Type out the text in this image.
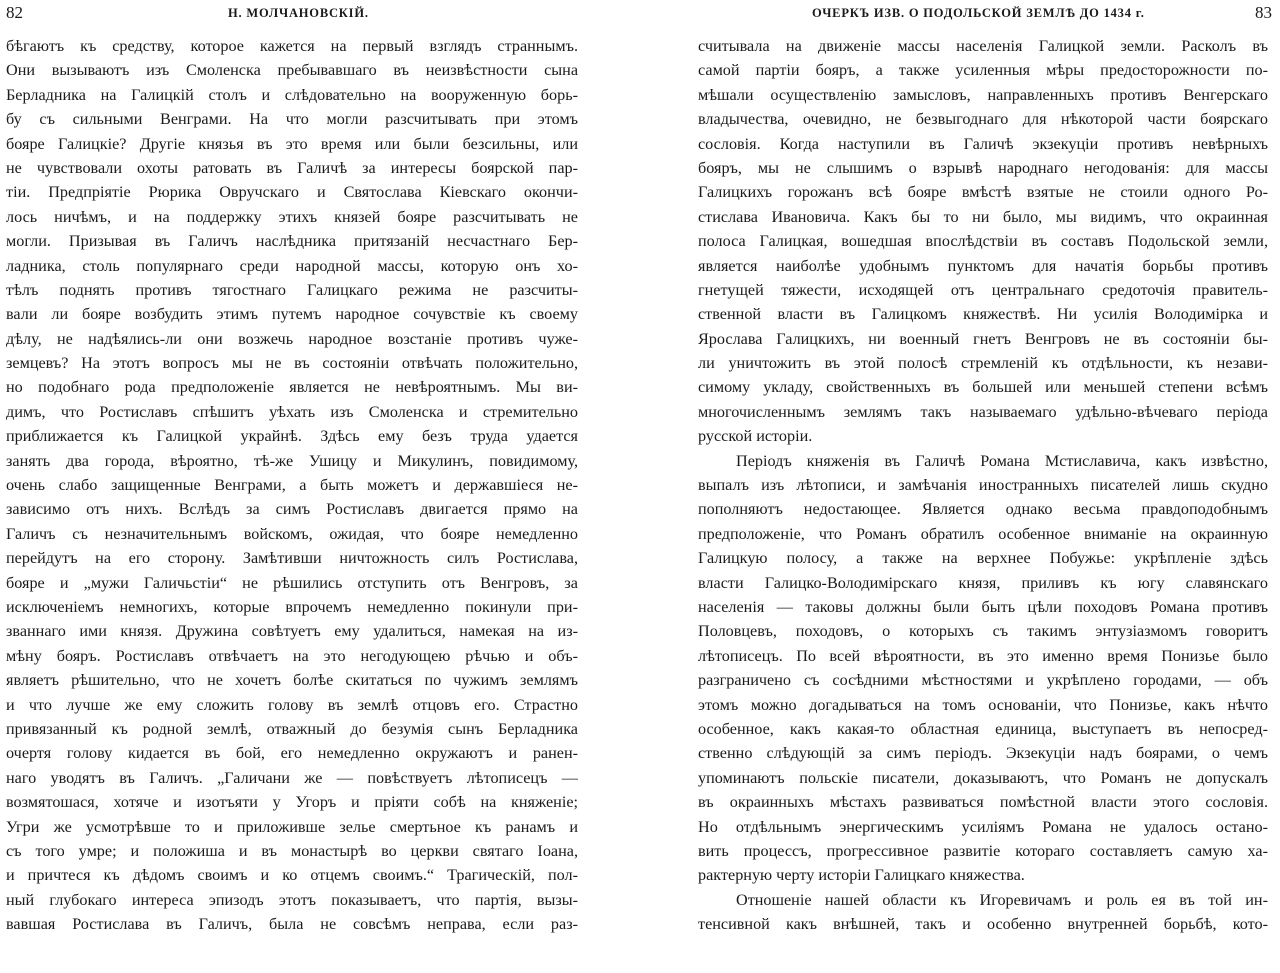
82	Н. МОЛЧАНОВСКІЙ.
бѣгаютъ къ средству, которое кажется на первый взглядъ страннымъ.
Они вызываютъ изъ Смоленска пребывавшаго въ неизвѣстности сына
Берладника на Галицкій столъ и слѣдовательно на вооруженную борь-
бу съ сильными Венграми. На что могли разсчитывать при этомъ
бояре Галицкіе? Другіе князья въ это время или были безсильны, или
не чувствовали охоты ратовать въ Галичѣ за интересы боярской пар-
тіи. Предпріятіе Рюрика Овручскаго и Святослава Кіевскаго окончи-
лось ничѣмъ, и на поддержку этихъ князей бояре разсчитывать не
могли. Призывая въ Галичъ наслѣдника притязаній несчастнаго Бер-
ладника, столь популярнаго среди народной массы, которую онъ хо-
тѣлъ поднять противъ тягостнаго Галицкаго режима не разсчиты-
вали ли бояре возбудить этимъ путемъ народное сочувствіе къ своему
дѣлу, не надѣялись-ли они возжечь народное возстаніе противъ чуже-
земцевъ? На этотъ вопросъ мы не въ состояніи отвѣчать положительно,
но подобнаго рода предположеніе является не невѣроятнымъ. Мы ви-
димъ, что Ростиславъ спѣшитъ уѣхать изъ Смоленска и стремительно
приближается къ Галицкой украйнѣ. Здѣсь ему безъ труда удается
занять два города, вѣроятно, тѣ-же Ушицу и Микулинъ, повидимому,
очень слабо защищенные Венграми, а быть можетъ и державшіеся не-
зависимо отъ нихъ. Вслѣдъ за симъ Ростиславъ двигается прямо на
Галичъ съ незначительнымъ войскомъ, ожидая, что бояре немедленно
перейдутъ на его сторону. Замѣтивши ничтожность силъ Ростислава,
бояре и „мужи Галичьстіи“ не рѣшились отступить отъ Венгровъ, за
исключеніемъ немногихъ, которые впрочемъ немедленно покинули при-
званнаго ими князя. Дружина совѣтуетъ ему удалиться, намекая на из-
мѣну бояръ. Ростиславъ отвѣчаетъ на это негодующею рѣчью и объ-
являетъ рѣшительно, что не хочетъ болѣе скитаться по чужимъ землямъ
и что лучше же ему сложить голову въ землѣ отцовъ его. Страстно
привязанный къ родной землѣ, отважный до безумія сынъ Берладника
очертя голову кидается въ бой, его немедленно окружаютъ и ранен-
наго уводятъ въ Галичъ. „Галичани же — повѣствуетъ лѣтописецъ —
возмятошася, хотяче и изотъяти у Угоръ и пріяти собѣ на княженіе;
Угри же усмотрѣвше то и приложивше зелье смертьное къ ранамъ и
съ того умре; и положиша и въ монастырѣ во церкви святаго Іоана,
и причтеся къ дѣдомъ своимъ и ко отцемъ своимъ.“ Трагическій, пол-
ный глубокаго интереса эпизодъ этотъ показываетъ, что партія, вызы-
вавшая Ростислава въ Галичъ, была не совсѣмъ неправа, если раз-
ОЧЕРКЪ ИЗВ. О ПОДОЛЬСКОЙ ЗЕМЛѢ ДО 1434 г.	83
считывала на движеніе массы населенія Галицкой земли. Расколъ въ
самой партіи бояръ, а также усиленныя мѣры предосторожности по-
мѣшали осуществленію замысловъ, направленныхъ противъ Венгерскаго
владычества, очевидно, не безвыгоднаго для нѣкоторой части боярскаго
сословія. Когда наступили въ Галичѣ экзекуціи противъ невѣрныхъ
бояръ, мы не слышимъ о взрывѣ народнаго негодованія: для массы
Галицкихъ горожанъ всѣ бояре вмѣстѣ взятые не стоили одного Ро-
стислава Ивановича. Какъ бы то ни было, мы видимъ, что окраинная
полоса Галицкая, вошедшая впослѣдствіи въ составъ Подольской земли,
является наиболѣе удобнымъ пунктомъ для начатія борьбы противъ
гнетущей тяжести, исходящей отъ центральнаго средоточія правитель-
ственной власти въ Галицкомъ княжествѣ. Ни усилія Володимірка и
Ярослава Галицкихъ, ни военный гнетъ Венгровъ не въ состояніи бы-
ли уничтожить въ этой полосѣ стремленій къ отдѣльности, къ незави-
симому укладу, свойственныхъ въ большей или меньшей степени всѣмъ
многочисленнымъ землямъ такъ называемаго удѣльно-вѣчеваго періода
русской исторіи.
Періодъ княженія въ Галичѣ Романа Мстиславича, какъ извѣстно,
выпалъ изъ лѣтописи, и замѣчанія иностранныхъ писателей лишь скудно
пополняютъ недостающее. Является однако весьма правдоподобнымъ
предположеніе, что Романъ обратилъ особенное вниманіе на окраинную
Галицкую полосу, а также на верхнее Побужье: укрѣпленіе здѣсь
власти Галицко-Володимірскаго князя, приливъ къ югу славянскаго
населенія — таковы должны были быть цѣли походовъ Романа противъ
Половцевъ, походовъ, о которыхъ съ такимъ энтузіазмомъ говоритъ
лѣтописецъ. По всей вѣроятности, въ это именно время Понизье было
разграничено съ сосѣдними мѣстностями и укрѣплено городами, — объ
этомъ можно догадываться на томъ основаніи, что Понизье, какъ нѣчто
особенное, какъ какая-то областная единица, выступаетъ въ непосред-
ственно слѣдующій за симъ періодъ. Экзекуціи надъ боярами, о чемъ
упоминаютъ польскіе писатели, доказываютъ, что Романъ не допускалъ
въ окраинныхъ мѣстахъ развиваться помѣстной власти этого сословія.
Но отдѣльнымъ энергическимъ усиліямъ Романа не удалось остано-
вить процессъ, прогрессивное развитіе котораго составляетъ самую ха-
рактерную черту исторіи Галицкаго княжества.
Отношеніе нашей области къ Игоревичамъ и роль ея въ той ин-
тенсивной какъ внѣшней, такъ и особенно внутренней борьбѣ, кото-
